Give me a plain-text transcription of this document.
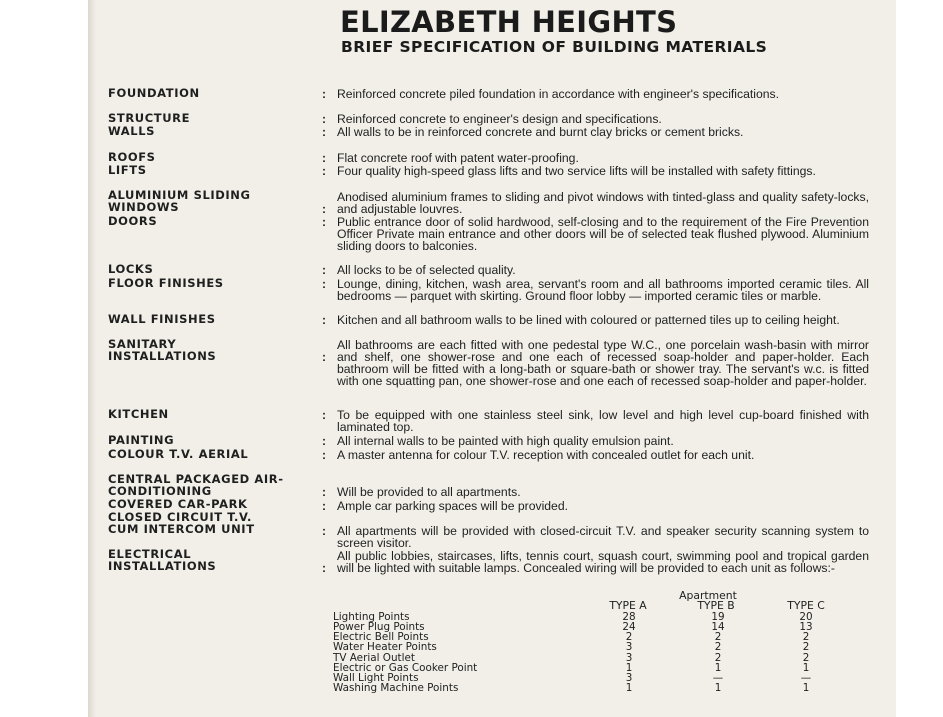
ELIZABETH HEIGHTS
BRIEF SPECIFICATION OF BUILDING MATERIALS
FOUNDATION	: Reinforced concrete piled foundation in accordance with engineer's specifications.
STRUCTURE	: Reinforced concrete to engineer's design and specifications.
WALLS	: All walls to be in reinforced concrete and burnt clay bricks or cement bricks.
ROOFS	: Flat concrete roof with patent water-proofing.
LIFTS	: Four quality high-speed glass lifts and two service lifts will be installed with safety fittings.
ALUMINIUM SLIDING WINDOWS	:
Anodised aluminium frames to sliding and pivot windows with tinted-glass and quality safety-locks, and adjustable louvres.
DOORS	: Public entrance door of solid hardwood, self-closing and to the requirement of the Fire Prevention Officer Private main entrance and other doors will be of selected teak flushed plywood. Aluminium sliding doors to balconies.
LOCKS	: All locks to be of selected quality.
FLOOR FINISHES	: Lounge, dining, kitchen, wash area, servant's room and all bathrooms imported ceramic tiles. All bedrooms — parquet with skirting. Ground floor lobby — imported ceramic tiles or marble.
WALL FINISHES	: Kitchen and all bathroom walls to be lined with coloured or patterned tiles up to ceiling height.
SANITARY INSTALLATIONS	:
All bathrooms are each fitted with one pedestal type W.C., one porcelain wash-basin with mirror and shelf, one shower-rose and one each of recessed soap-holder and paper-holder. Each bathroom will be fitted with a long-bath or square-bath or shower tray. The servant's w.c. is fitted with one squatting pan, one shower-rose and one each of recessed soap-holder and paper-holder.
KITCHEN	: To be equipped with one stainless steel sink, low level and high level cup-board finished with laminated top.
PAINTING	: All internal walls to be painted with high quality emulsion paint.
COLOUR T.V. AERIAL	: A master antenna for colour T.V. reception with concealed outlet for each unit.
CENTRAL PACKAGED AIR-CONDITIONING	: Will be provided to all apartments.
COVERED CAR-PARK	: Ample car parking spaces will be provided.
CLOSED CIRCUIT T.V. CUM INTERCOM UNIT	: All apartments will be provided with closed-circuit T.V. and speaker security scanning system to screen visitor.
ELECTRICAL INSTALLATIONS	:
All public lobbies, staircases, lifts, tennis court, squash court, swimming pool and tropical garden will be lighted with suitable lamps. Concealed wiring will be provided to each unit as follows:-
Apartment
TYPE A	TYPE B	TYPE C
Lighting Points	28	19	20
Power Plug Points	24	14	13
Electric Bell Points	2	2	2
Water Heater Points	3	2	2
TV Aerial Outlet	3	2	2
Electric or Gas Cooker Point	1	1	1
Wall Light Points	3	—	—
Washing Machine Points	1	1	1
